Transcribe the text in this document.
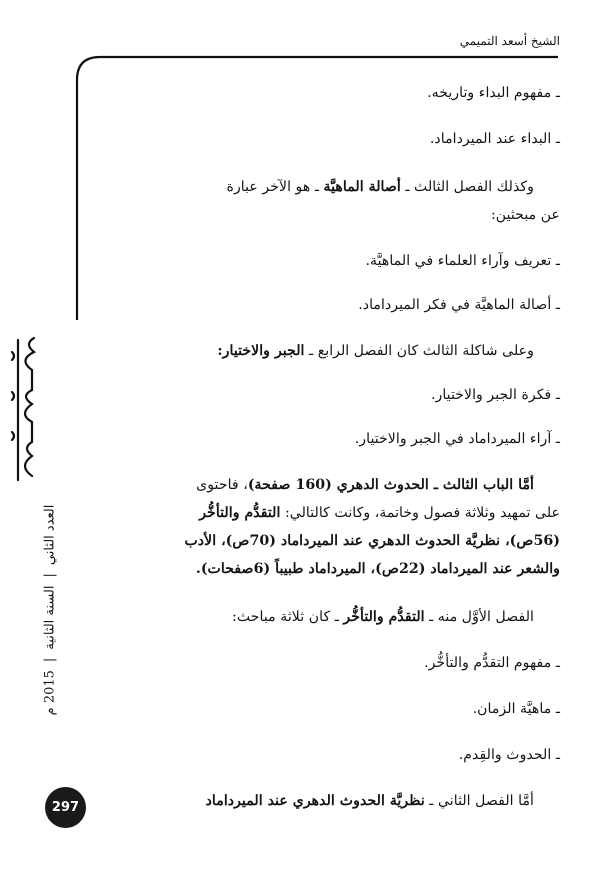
الشيخ أسعد التميمي
ـ مفهوم البداء وتاريخه.
ـ البداء عند الميرداماد.
وكذلك الفصل الثالث ـ أصالة الماهيَّة ـ هو الآخر عبارة
عن مبحثين:
ـ تعريف وآراء العلماء في الماهيَّة.
ـ أصالة الماهيَّة في فكر الميرداماد.
وعلى شاكلة الثالث كان الفصل الرابع ـ الجبر والاختيار:
ـ فكرة الجبر والاختيار.
ـ آراء الميرداماد في الجبر والاختيار.
أمَّا الباب الثالث ـ الحدوث الدهري (160 صفحة)، فاحتوى
على تمهيد وثلاثة فصول وخاتمة، وكانت كالتالي: التقدُّم والتأخُّر
(56ص)، نظريَّة الحدوث الدهري عند الميرداماد (70ص)، الأدب
والشعر عند الميرداماد (22ص)، الميرداماد طبيباً (6صفحات).
الفصل الأوَّل منه ـ التقدُّم والتأخُّر ـ كان ثلاثة مباحث:
ـ مفهوم التقدُّم والتأخُّر.
ـ ماهيَّة الزمان.
ـ الحدوث والقِدم.
أمَّا الفصل الثاني ـ نظريَّة الحدوث الدهري عند الميرداماد
العدد الثاني|السنة الثانية|2015 م
297
